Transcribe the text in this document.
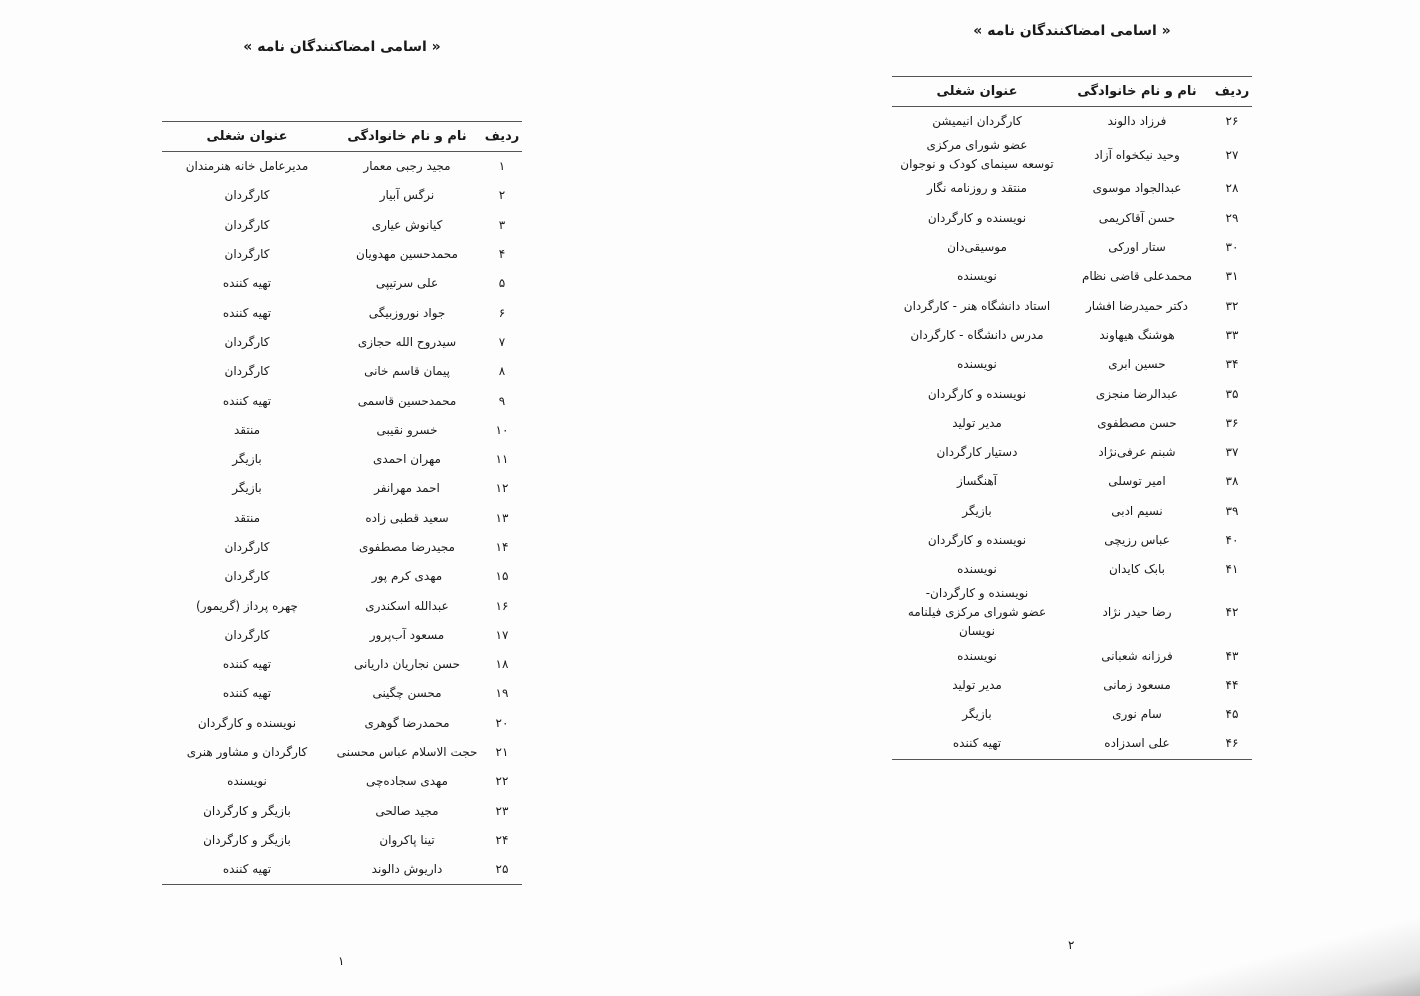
« اسامی امضاکنندگان نامه »
ردیف	نام و نام خانوادگی	عنوان شغلی
۱	مجید رجبی معمار	مدیرعامل خانه هنرمندان

۲	نرگس آبیار	کارگردان

۳	کیانوش عیاری	کارگردان

۴	محمدحسین مهدویان	کارگردان

۵	علی سرتیپی	تهیه کننده

۶	جواد نوروزبیگی	تهیه کننده

۷	سیدروح الله حجازی	کارگردان

۸	پیمان قاسم خانی	کارگردان

۹	محمدحسین قاسمی	تهیه کننده

۱۰	خسرو نقیبی	منتقد

۱۱	مهران احمدی	بازیگر

۱۲	احمد مهرانفر	بازیگر

۱۳	سعید قطبی زاده	منتقد

۱۴	مجیدرضا مصطفوی	کارگردان

۱۵	مهدی کرم پور	کارگردان

۱۶	عبدالله اسکندری	چهره پرداز (گریمور)

۱۷	مسعود آب‌پرور	کارگردان

۱۸	حسن نجاریان داریانی	تهیه کننده

۱۹	محسن چگینی	تهیه کننده

۲۰	محمدرضا گوهری	نویسنده و کارگردان

۲۱	حجت الاسلام عباس محسنی	کارگردان و مشاور هنری

۲۲	مهدی سجاده‌چی	نویسنده

۲۳	مجید صالحی	بازیگر و کارگردان

۲۴	تینا پاکروان	بازیگر و کارگردان

۲۵	داریوش دالوند	تهیه کننده
۱
« اسامی امضاکنندگان نامه »
ردیف	نام و نام خانوادگی	عنوان شغلی
۲۶	فرزاد دالوند	کارگردان انیمیشن

۲۷	وحید نیکخواه آزاد	عضو شورای مرکزی
توسعه سینمای کودک و نوجوان

۲۸	عبدالجواد موسوی	منتقد و روزنامه نگار

۲۹	حسن آقاکریمی	نویسنده و کارگردان

۳۰	ستار اورکی	موسیقی‌دان

۳۱	محمدعلی قاضی نظام	نویسنده

۳۲	دکتر حمیدرضا افشار	استاد دانشگاه هنر - کارگردان

۳۳	هوشنگ هیهاوند	مدرس دانشگاه - کارگردان

۳۴	حسین ابری	نویسنده

۳۵	عبدالرضا منجزی	نویسنده و کارگردان

۳۶	حسن مصطفوی	مدیر تولید

۳۷	شبنم عرفی‌نژاد	دستیار کارگردان

۳۸	امیر توسلی	آهنگساز

۳۹	نسیم ادبی	بازیگر

۴۰	عباس رزیچی	نویسنده و کارگردان

۴۱	بابک کایدان	نویسنده

۴۲	رضا حیدر نژاد	نویسنده و کارگردان-
عضو شورای مرکزی فیلنامه نویسان

۴۳	فرزانه شعبانی	نویسنده

۴۴	مسعود زمانی	مدیر تولید

۴۵	سام نوری	بازیگر

۴۶	علی اسدزاده	تهیه کننده
۲
